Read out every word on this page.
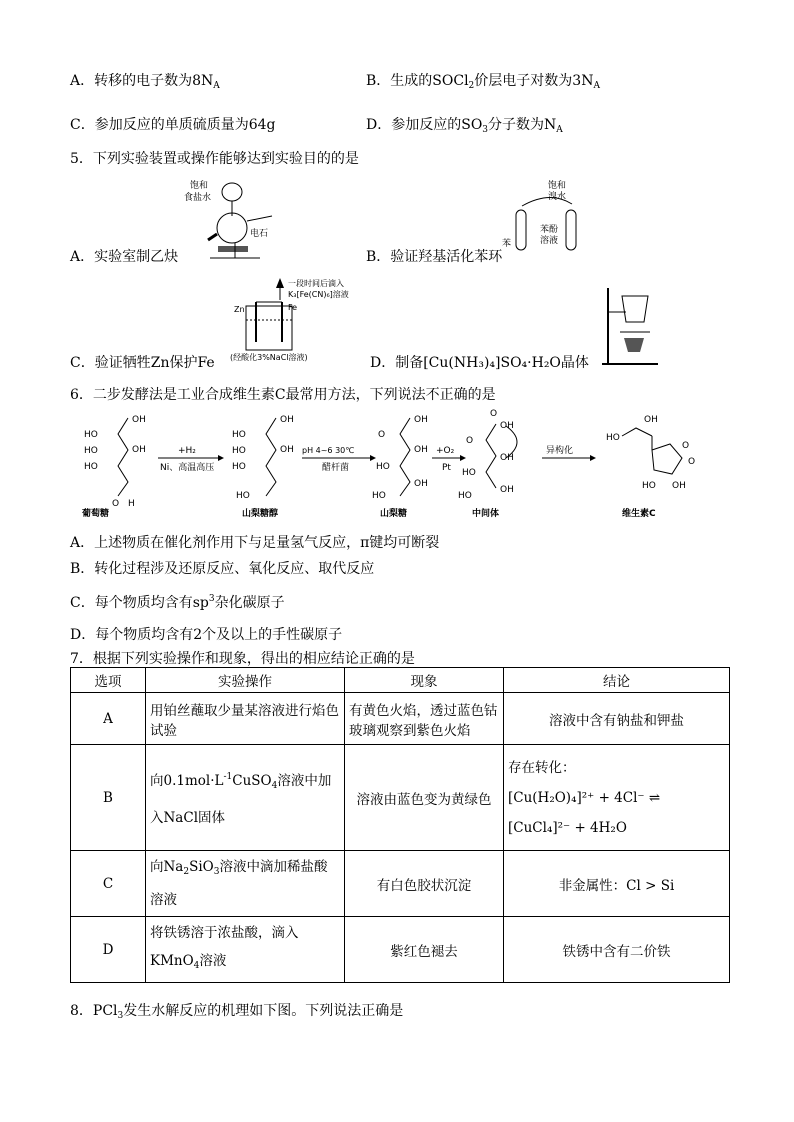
A．转移的电子数为$8N_A$	B．生成的SOCl$_2$价层电子对数为$3N_A$
C．参加反应的单质硫质量为64g	D．参加反应的$SO_3$分子数为$N_A$
5．下列实验装置或操作能够达到实验目的的是
饱和
食盐水
电石
A．实验室制乙炔
饱和
溴水
苯
苯酚
溶液
B．验证羟基活化苯环
一段时间后滴入
K₃[Fe(CN)₆]溶液
Zn	Fe
(经酸化3%NaCl溶液)
C．验证牺牲Zn保护Fe	D．制备[Cu(NH₃)₄]SO₄·H₂O晶体
6．二步发酵法是工业合成维生素C最常用方法，下列说法不正确的是
HO
HO
HO
OH
OH
O H
葡萄糖
+H₂
Ni、高温高压
HO
HO
HO
OH
OH
HO
山梨糖醇
pH 4~6 30℃
醋杆菌
O
HO
OH
OH
OH
HO
山梨糖
+O₂
Pt
O
OH
O
OH
HO
OH
HO
中间体
异构化
HO
OH
O
O
HO OH
维生素C
A．上述物质在催化剂作用下与足量氢气反应，π键均可断裂
B．转化过程涉及还原反应、氧化反应、取代反应
C．每个物质均含有$sp^3$杂化碳原子
D．每个物质均含有2个及以上的手性碳原子
7．根据下列实验操作和现象，得出的相应结论正确的是
选项	实验操作	现象	结论
A	用铂丝蘸取少量某溶液进行焰色试验	有黄色火焰，透过蓝色钴玻璃观察到紫色火焰	溶液中含有钠盐和钾盐
B	向$0.1mol\cdot L^{-1}CuSO_4$溶液中加入NaCl固体	溶液由蓝色变为黄绿色	存在转化：
[Cu(H₂O)₄]²⁺ + 4Cl⁻ ⇌
[CuCl₄]²⁻ + 4H₂O

C	向$Na_2SiO_3$溶液中滴加稀盐酸溶液	有白色胶状沉淀	非金属性：Cl > Si
D	将铁锈溶于浓盐酸，滴入
KMnO$_4$溶液	紫红色褪去	铁锈中含有二价铁
8．PCl$_3$发生水解反应的机理如下图。下列说法正确是
